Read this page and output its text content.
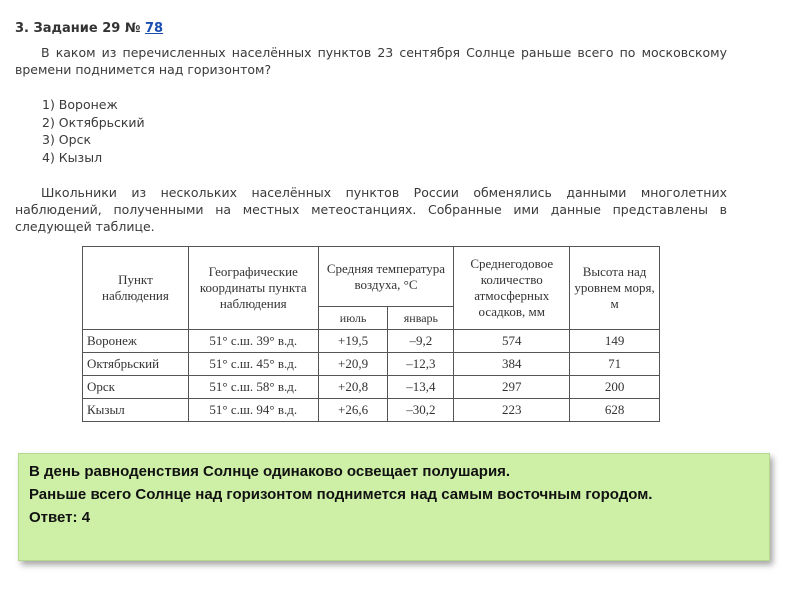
3. Задание 29 № 78
В каком из перечисленных населённых пунктов 23 сентября Солнце раньше всего по московскому времени поднимется над горизонтом?
1) Воронеж
2) Октябрьский
3) Орск
4) Кызыл
Школьники из нескольких населённых пунктов России обменялись данными многолетних наблюдений, полученными на местных метеостанциях. Собранные ими данные представлены в следующей таблице.
Пункт наблюдения	Географические координаты пункта наблюдения	Средняя температура воздуха, °С		Среднегодовое количество атмосферных осадков, мм	Высота над уровнем моря, м
		июль	январь		
Воронеж	51° с.ш. 39° в.д.	+19,5	–9,2	574	149
Октябрьский	51° с.ш. 45° в.д.	+20,9	–12,3	384	71
Орск	51° с.ш. 58° в.д.	+20,8	–13,4	297	200
Кызыл	51° с.ш. 94° в.д.	+26,6	–30,2	223	628
В день равноденствия Солнце одинаково освещает полушария.
Раньше всего Солнце над горизонтом поднимется над самым восточным городом.
Ответ: 4
